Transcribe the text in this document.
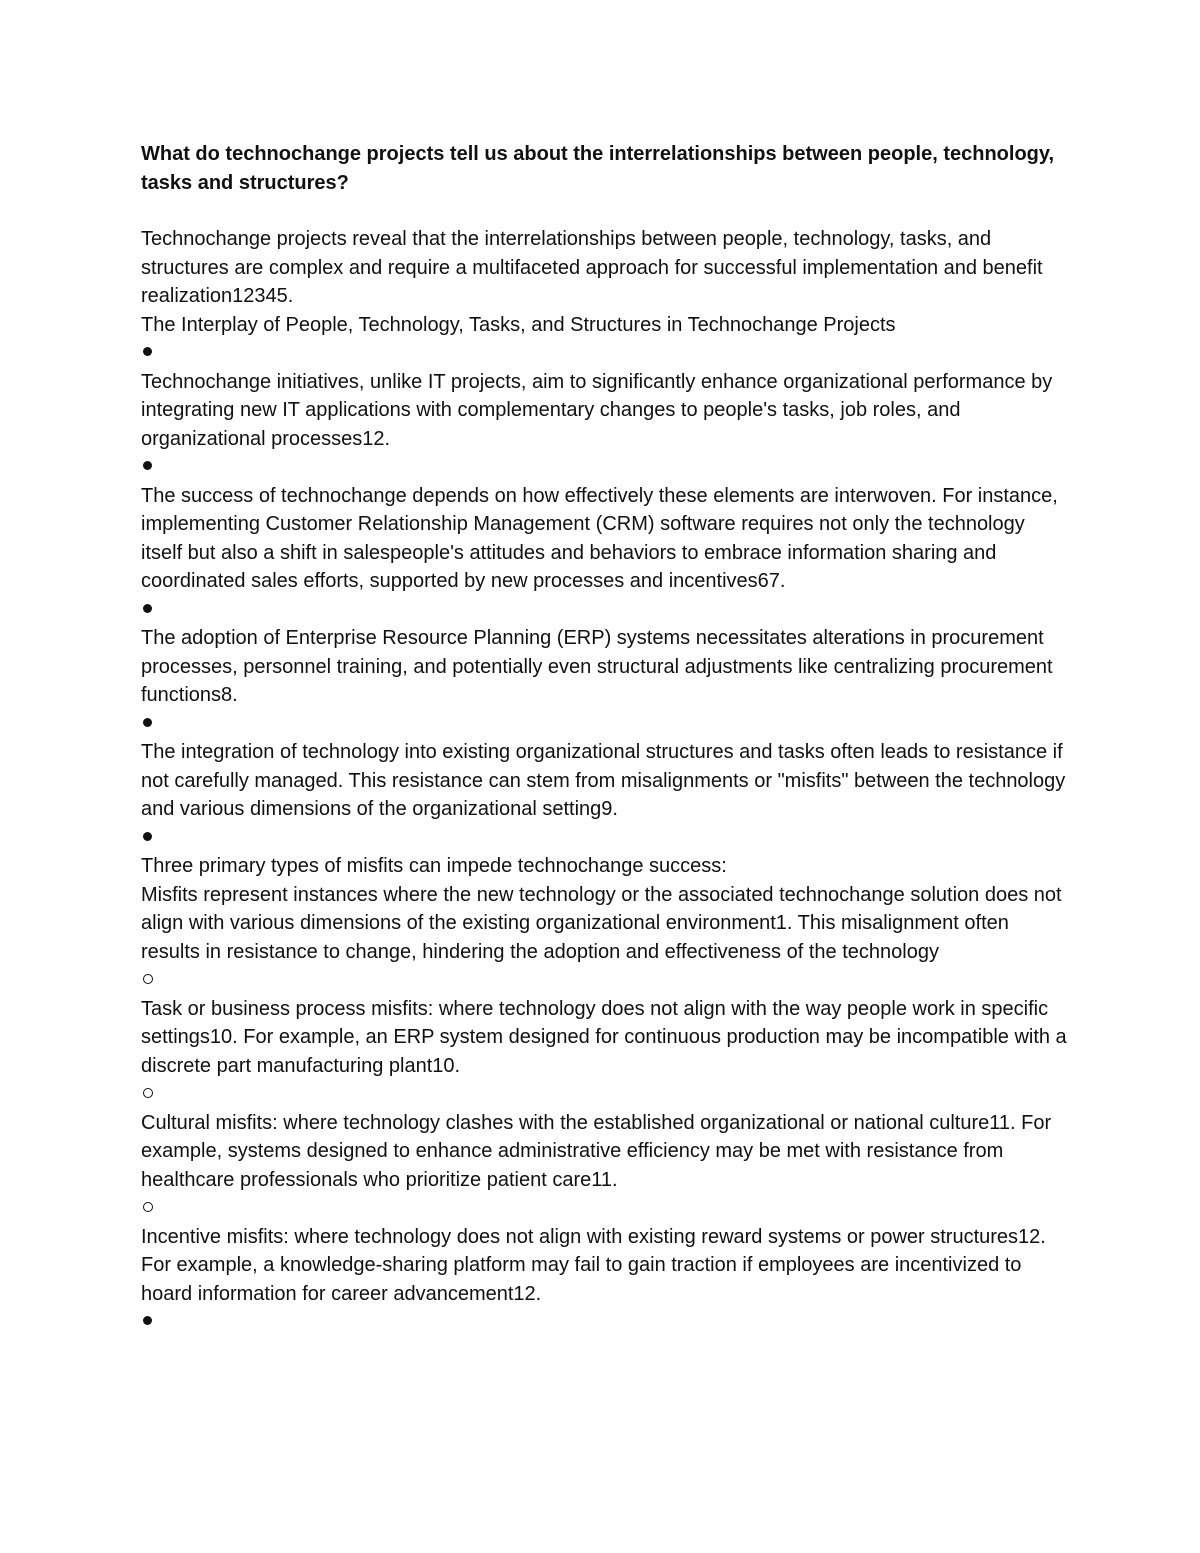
What do technochange projects tell us about the interrelationships between people, technology, tasks and structures?

Technochange projects reveal that the interrelationships between people, technology, tasks, and structures are complex and require a multifaceted approach for successful implementation and benefit realization12345.

The Interplay of People, Technology, Tasks, and Structures in Technochange Projects

Technochange initiatives, unlike IT projects, aim to significantly enhance organizational performance by integrating new IT applications with complementary changes to people's tasks, job roles, and organizational processes12.

The success of technochange depends on how effectively these elements are interwoven. For instance, implementing Customer Relationship Management (CRM) software requires not only the technology itself but also a shift in salespeople's attitudes and behaviors to embrace information sharing and coordinated sales efforts, supported by new processes and incentives67.

The adoption of Enterprise Resource Planning (ERP) systems necessitates alterations in procurement processes, personnel training, and potentially even structural adjustments like centralizing procurement functions8.

The integration of technology into existing organizational structures and tasks often leads to resistance if not carefully managed. This resistance can stem from misalignments or "misfits" between the technology and various dimensions of the organizational setting9.

Three primary types of misfits can impede technochange success:

Misfits represent instances where the new technology or the associated technochange solution does not align with various dimensions of the existing organizational environment1. This misalignment often results in resistance to change, hindering the adoption and effectiveness of the technology

Task or business process misfits: where technology does not align with the way people work in specific settings10. For example, an ERP system designed for continuous production may be incompatible with a discrete part manufacturing plant10.

Cultural misfits: where technology clashes with the established organizational or national culture11. For example, systems designed to enhance administrative efficiency may be met with resistance from healthcare professionals who prioritize patient care11.

Incentive misfits: where technology does not align with existing reward systems or power structures12. For example, a knowledge-sharing platform may fail to gain traction if employees are incentivized to hoard information for career advancement12.
